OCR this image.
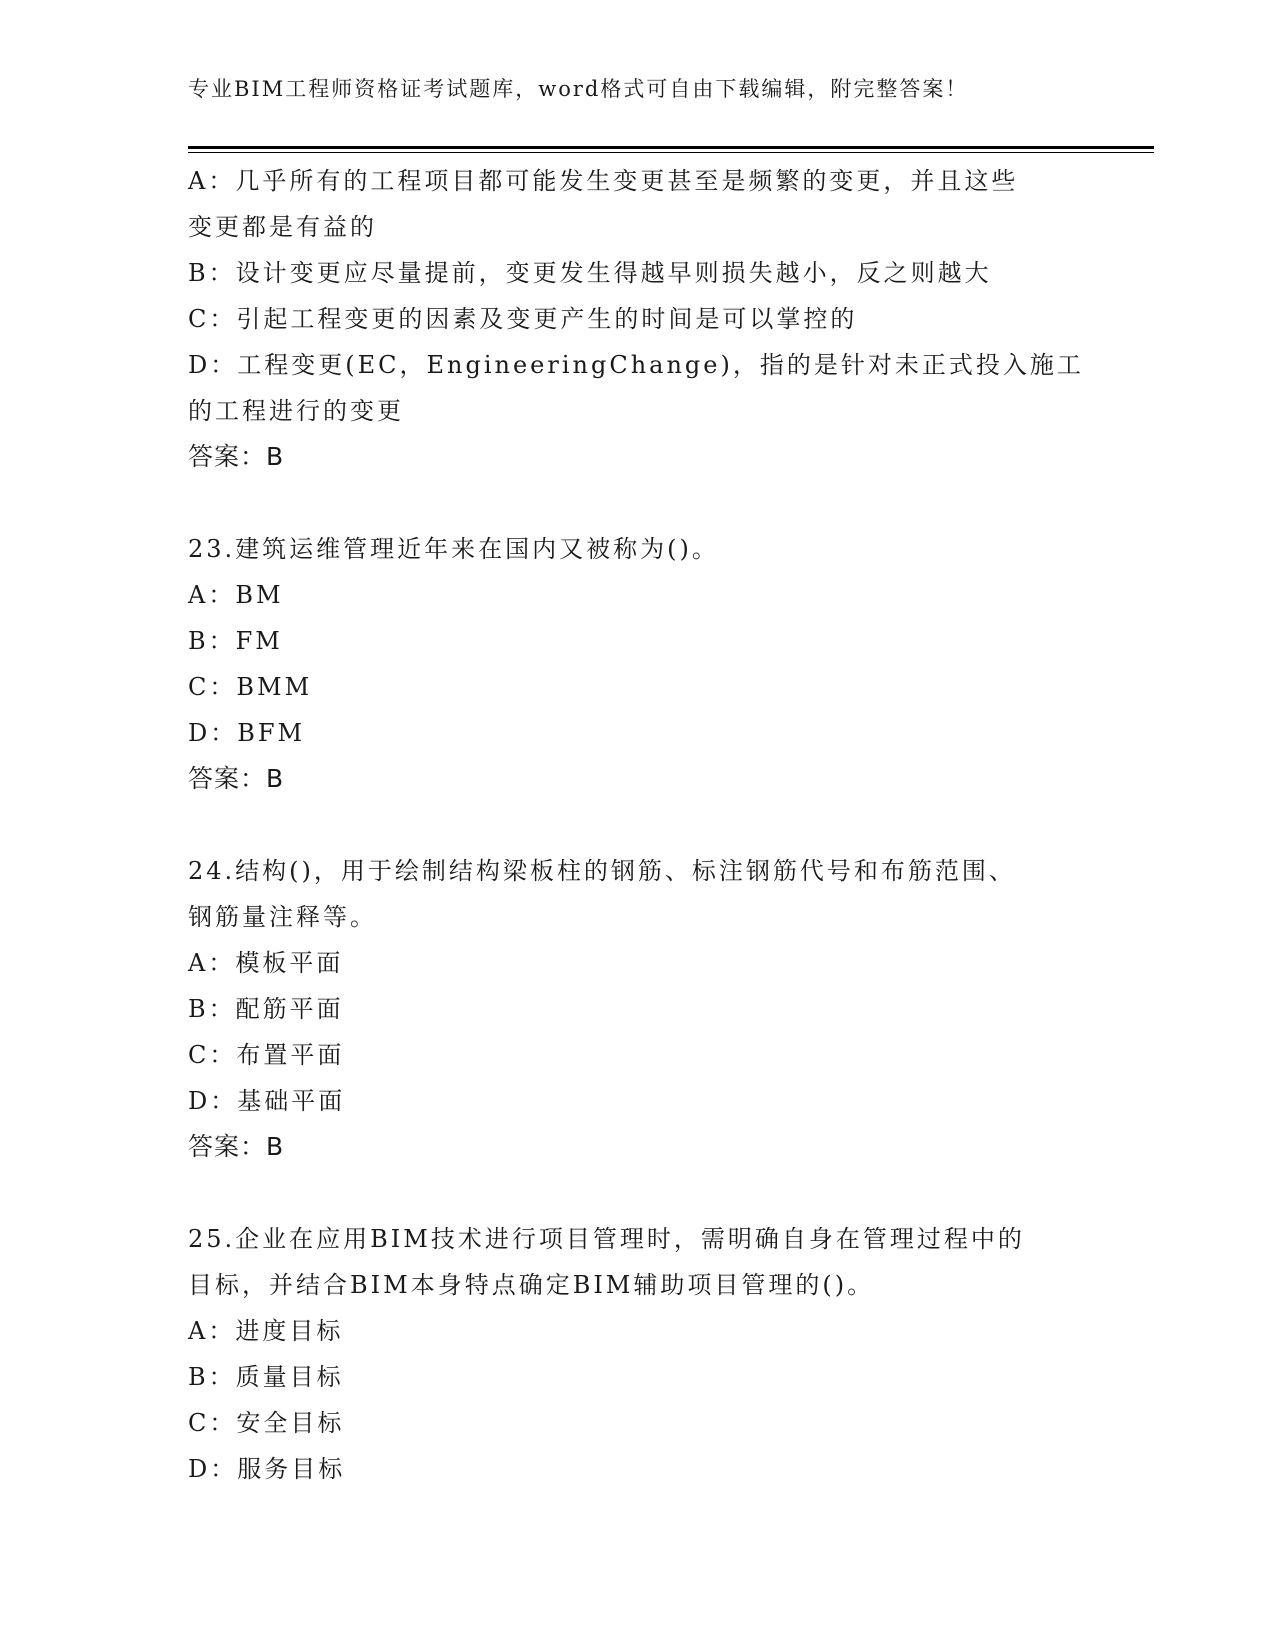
专业BIM工程师资格证考试题库，word格式可自由下载编辑，附完整答案！
A：几乎所有的工程项目都可能发生变更甚至是频繁的变更，并且这些
变更都是有益的
B：设计变更应尽量提前，变更发生得越早则损失越小，反之则越大
C：引起工程变更的因素及变更产生的时间是可以掌控的
D：工程变更(EC，EngineeringChange)，指的是针对未正式投入施工
的工程进行的变更
答案：B
23.建筑运维管理近年来在国内又被称为()。
A：BM
B：FM
C：BMM
D：BFM
答案：B
24.结构()，用于绘制结构梁板柱的钢筋、标注钢筋代号和布筋范围、
钢筋量注释等。
A：模板平面
B：配筋平面
C：布置平面
D：基础平面
答案：B
25.企业在应用BIM技术进行项目管理时，需明确自身在管理过程中的
目标，并结合BIM本身特点确定BIM辅助项目管理的()。
A：进度目标
B：质量目标
C：安全目标
D：服务目标
